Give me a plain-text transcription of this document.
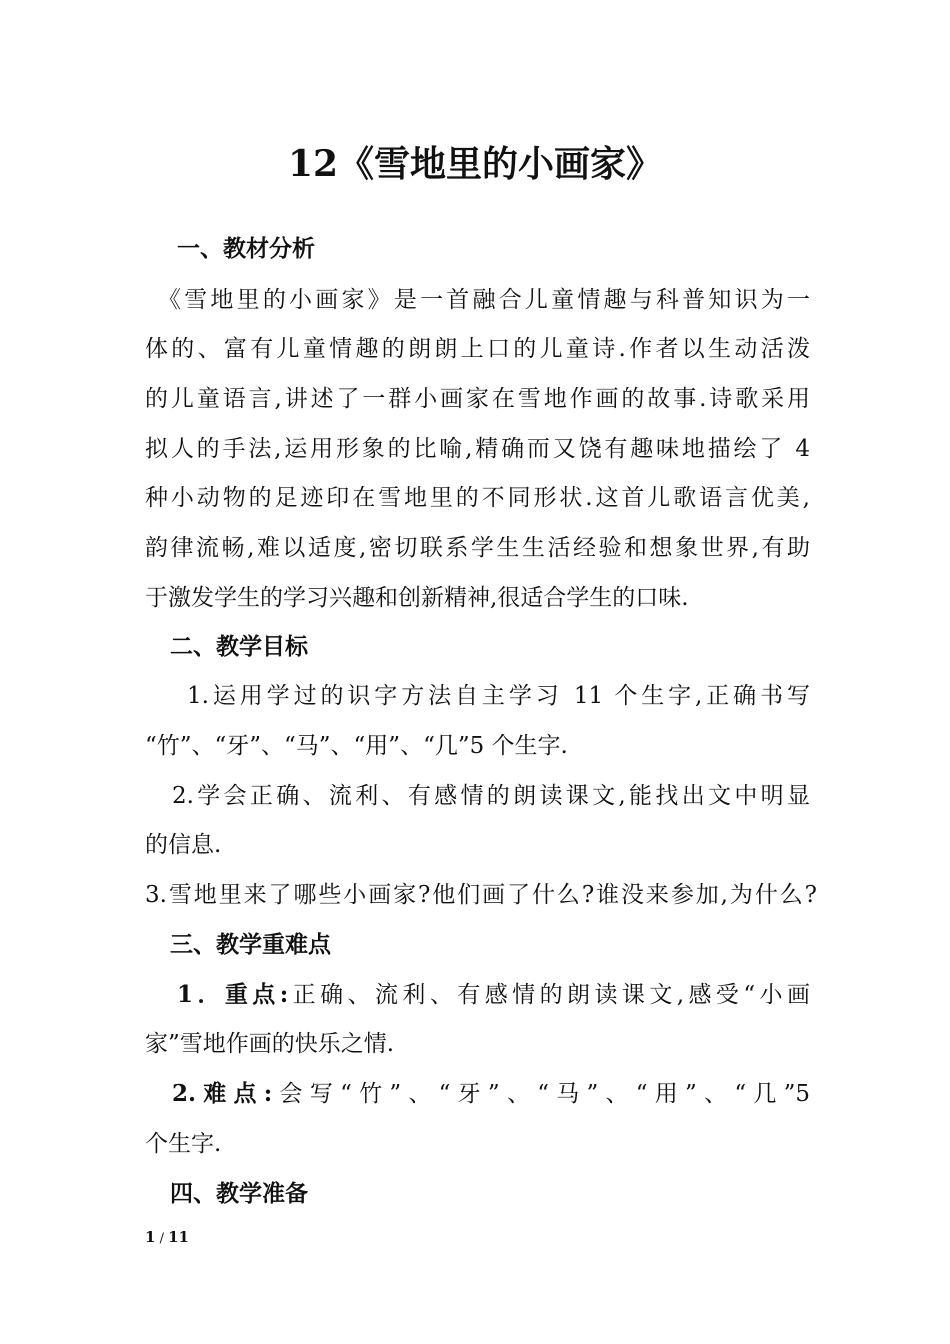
12《雪地里的小画家》
一、教材分析
《雪地里的小画家》是一首融合儿童情趣与科普知识为一
体的、富有儿童情趣的朗朗上口的儿童诗.作者以生动活泼
的儿童语言,讲述了一群小画家在雪地作画的故事.诗歌采用
拟人的手法,运用形象的比喻,精确而又饶有趣味地描绘了 4
种小动物的足迹印在雪地里的不同形状.这首儿歌语言优美,
韵律流畅,难以适度,密切联系学生生活经验和想象世界,有助
于激发学生的学习兴趣和创新精神,很适合学生的口味.
二、教学目标
1.运用学过的识字方法自主学习 11 个生字,正确书写
“竹”、“牙”、“马”、“用”、“几”5 个生字.
2.学会正确、流利、有感情的朗读课文,能找出文中明显
的信息.
3.雪地里来了哪些小画家?他们画了什么?谁没来参加,为什么?
三、教学重难点
1．重点:正确、流利、有感情的朗读课文,感受“小画
家”雪地作画的快乐之情.
2.难点:会写“竹”、“牙”、“马”、“用”、“几”5
个生字.
四、教学准备
1 / 11
